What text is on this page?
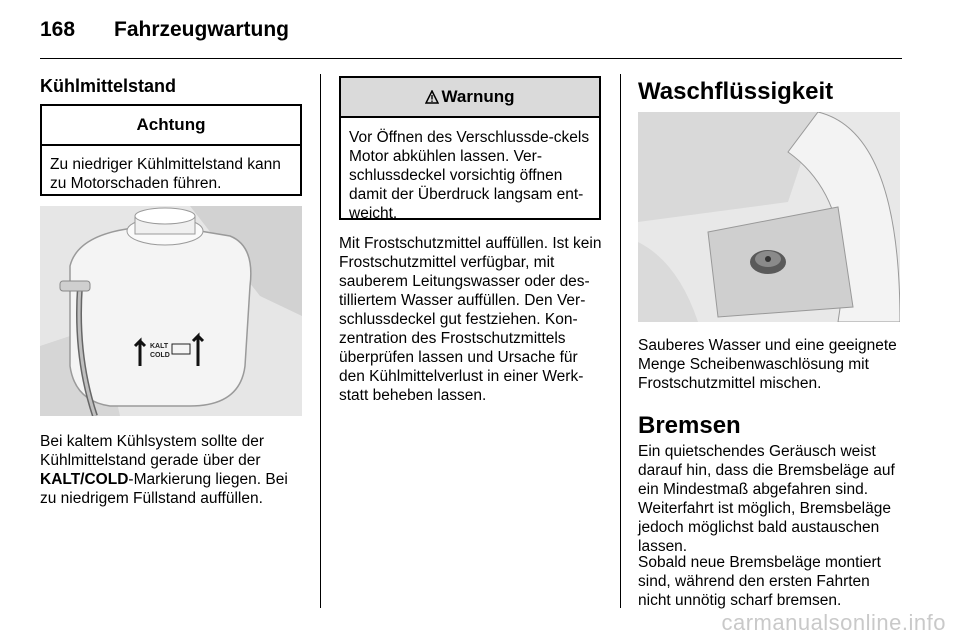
168 Fahrzeugwartung
Kühlmittelstand
Achtung
Zu niedriger Kühlmittelstand kann zu Motorschaden führen.
KALT
COLD
Bei kaltem Kühlsystem sollte der
Kühlmittelstand gerade über der
KALT/COLD-Markierung liegen. Bei
zu niedrigem Füllstand auffüllen.
Warnung
Vor Öffnen des Verschlussde-ckels Motor abkühlen lassen. Ver-schlussdeckel vorsichtig öffnen damit der Überdruck langsam ent-weicht.
Mit Frostschutzmittel auffüllen. Ist kein Frostschutzmittel verfügbar, mit sauberem Leitungswasser oder des-tilliertem Wasser auffüllen. Den Ver-schlussdeckel gut festziehen. Kon-zentration des Frostschutzmittels überprüfen lassen und Ursache für den Kühlmittelverlust in einer Werk-statt beheben lassen.
Waschflüssigkeit
Sauberes Wasser und eine geeignete Menge Scheibenwaschlösung mit Frostschutzmittel mischen.
Bremsen
Ein quietschendes Geräusch weist darauf hin, dass die Bremsbeläge auf ein Mindestmaß abgefahren sind. Weiterfahrt ist möglich, Bremsbeläge jedoch möglichst bald austauschen lassen.
Sobald neue Bremsbeläge montiert sind, während den ersten Fahrten nicht unnötig scharf bremsen.
carmanualsonline.info
